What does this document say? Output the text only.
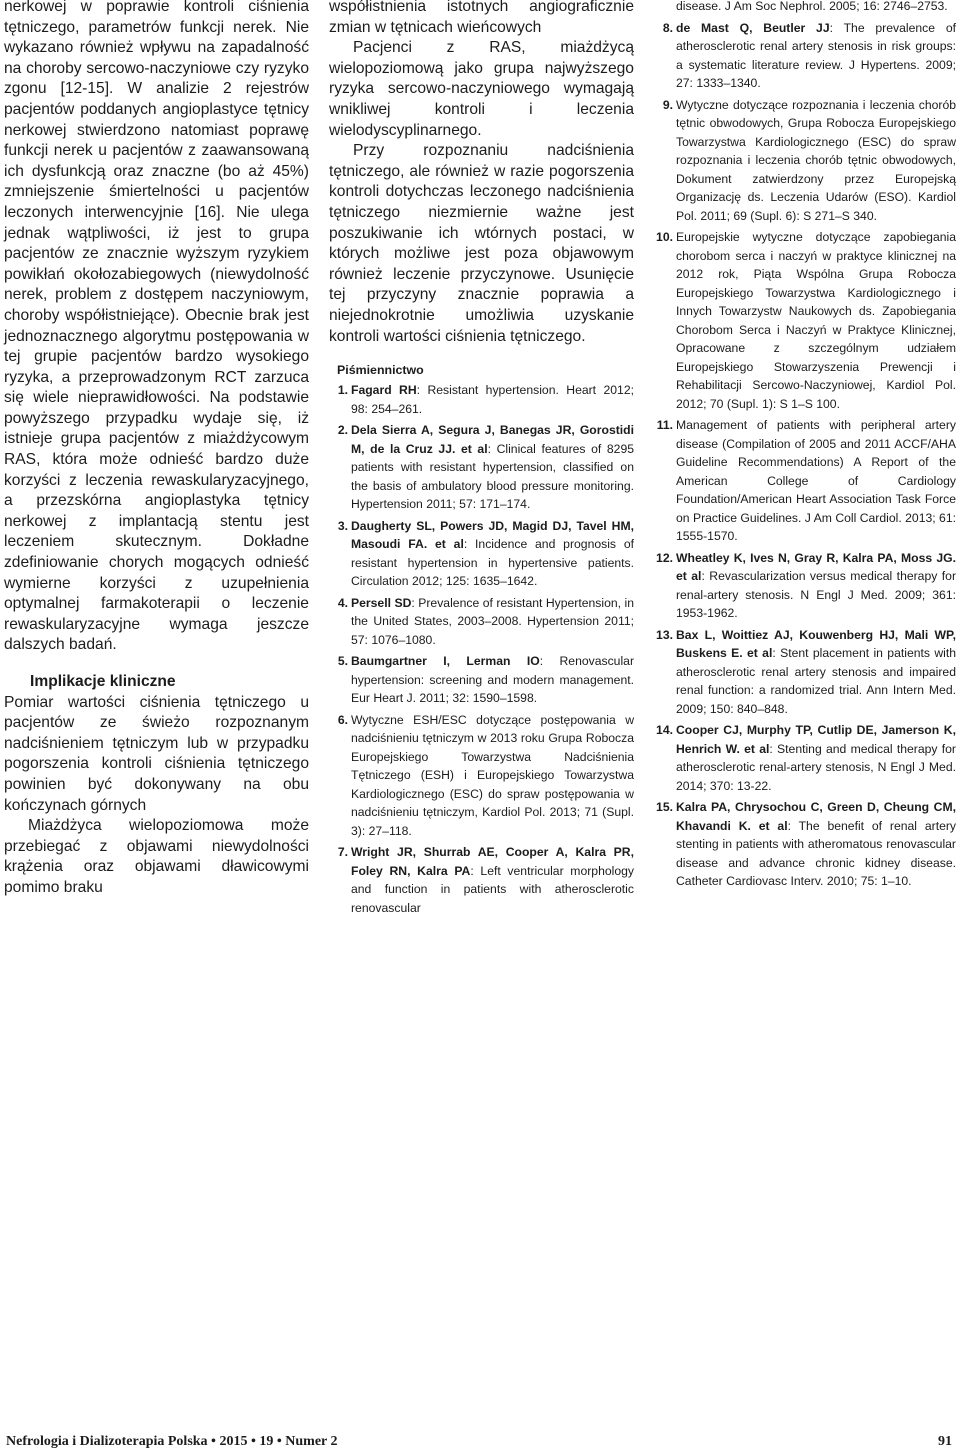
nerkowej w poprawie kontroli ciśnienia tętniczego, parametrów funkcji nerek. Nie wykazano również wpływu na zapadalność na choroby sercowo-naczyniowe czy ryzyko zgonu [12-15]. W analizie 2 rejestrów pacjentów poddanych angioplastyce tętnicy nerkowej stwierdzono natomiast poprawę funkcji nerek u pacjentów z zaawansowaną ich dysfunkcją oraz znaczne (bo aż 45%) zmniejszenie śmiertelności u pacjentów leczonych interwencyjnie [16]. Nie ulega jednak wątpliwości, iż jest to grupa pacjentów ze znacznie wyższym ryzykiem powikłań okołozabiegowych (niewydolność nerek, problem z dostępem naczyniowym, choroby współistniejące). Obecnie brak jest jednoznacznego algorytmu postępowania w tej grupie pacjentów bardzo wysokiego ryzyka, a przeprowadzonym RCT zarzuca się wiele nieprawidłowości. Na podstawie powyższego przypadku wydaje się, iż istnieje grupa pacjentów z miażdżycowym RAS, która może odnieść bardzo duże korzyści z leczenia rewaskularyzacyjnego, a przezskórna angioplastyka tętnicy nerkowej z implantacją stentu jest leczeniem skutecznym. Dokładne zdefiniowanie chorych mogących odnieść wymierne korzyści z uzupełnienia optymalnej farmakoterapii o leczenie rewaskularyzacyjne wymaga jeszcze dalszych badań.

Implikacje kliniczne

Pomiar wartości ciśnienia tętniczego u pacjentów ze świeżo rozpoznanym nadciśnieniem tętniczym lub w przypadku pogorszenia kontroli ciśnienia tętniczego powinien być dokonywany na obu kończynach górnych

Miażdżyca wielopoziomowa może przebiegać z objawami niewydolności krążenia oraz objawami dławicowymi pomimo braku

współistnienia istotnych angiograficznie zmian w tętnicach wieńcowych

Pacjenci z RAS, miażdżycą wielopoziomową jako grupa najwyższego ryzyka sercowo-naczyniowego wymagają wnikliwej kontroli i leczenia wielodyscyplinarnego.

Przy rozpoznaniu nadciśnienia tętniczego, ale również w razie pogorszenia kontroli dotychczas leczonego nadciśnienia tętniczego niezmiernie ważne jest poszukiwanie ich wtórnych postaci, w których możliwe jest poza objawowym również leczenie przyczynowe. Usunięcie tej przyczyny znacznie poprawia a niejednokrotnie umożliwia uzyskanie kontroli wartości ciśnienia tętniczego.

Piśmiennictwo
1. Fagard RH: Resistant hypertension. Heart 2012; 98: 254–261.
2. Dela Sierra A, Segura J, Banegas JR, Gorostidi M, de la Cruz JJ. et al: Clinical features of 8295 patients with resistant hypertension, classified on the basis of ambulatory blood pressure monitoring. Hypertension 2011; 57: 171–174.
3. Daugherty SL, Powers JD, Magid DJ, Tavel HM, Masoudi FA. et al: Incidence and prognosis of resistant hypertension in hypertensive patients. Circulation 2012; 125: 1635–1642.
4. Persell SD: Prevalence of resistant Hypertension, in the United States, 2003–2008. Hypertension 2011; 57: 1076–1080.
5. Baumgartner I, Lerman IO: Renovascular hypertension: screening and modern management. Eur Heart J. 2011; 32: 1590–1598.
6. Wytyczne ESH/ESC dotyczące postępowania w nadciśnieniu tętniczym w 2013 roku Grupa Robocza Europejskiego Towarzystwa Nadciśnienia Tętniczego (ESH) i Europejskiego Towarzystwa Kardiologicznego (ESC) do spraw postępowania w nadciśnieniu tętniczym, Kardiol Pol. 2013; 71 (Supl. 3): 27–118.
7. Wright JR, Shurrab AE, Cooper A, Kalra PR, Foley RN, Kalra PA: Left ventricular morphology and function in patients with atherosclerotic renovascular
disease. J Am Soc Nephrol. 2005; 16: 2746–2753.
8. de Mast Q, Beutler JJ: The prevalence of atherosclerotic renal artery stenosis in risk groups: a systematic literature review. J Hypertens. 2009; 27: 1333–1340.
9. Wytyczne dotyczące rozpoznania i leczenia chorób tętnic obwodowych, Grupa Robocza Europejskiego Towarzystwa Kardiologicznego (ESC) do spraw rozpoznania i leczenia chorób tętnic obwodowych, Dokument zatwierdzony przez Europejską Organizację ds. Leczenia Udarów (ESO). Kardiol Pol. 2011; 69 (Supl. 6): S 271–S 340.
10. Europejskie wytyczne dotyczące zapobiegania chorobom serca i naczyń w praktyce klinicznej na 2012 rok, Piąta Wspólna Grupa Robocza Europejskiego Towarzystwa Kardiologicznego i Innych Towarzystw Naukowych ds. Zapobiegania Chorobom Serca i Naczyń w Praktyce Klinicznej, Opracowane z szczególnym udziałem Europejskiego Stowarzyszenia Prewencji i Rehabilitacji Sercowo-Naczyniowej, Kardiol Pol. 2012; 70 (Supl. 1): S 1–S 100.
11. Management of patients with peripheral artery disease (Compilation of 2005 and 2011 ACCF/AHA Guideline Recommendations) A Report of the American College of Cardiology Foundation/American Heart Association Task Force on Practice Guidelines. J Am Coll Cardiol. 2013; 61: 1555-1570.
12. Wheatley K, Ives N, Gray R, Kalra PA, Moss JG. et al: Revascularization versus medical therapy for renal-artery stenosis. N Engl J Med. 2009; 361: 1953-1962.
13. Bax L, Woittiez AJ, Kouwenberg HJ, Mali WP, Buskens E. et al: Stent placement in patients with atherosclerotic renal artery stenosis and impaired renal function: a randomized trial. Ann Intern Med. 2009; 150: 840–848.
14. Cooper CJ, Murphy TP, Cutlip DE, Jamerson K, Henrich W. et al: Stenting and medical therapy for atherosclerotic renal-artery stenosis, N Engl J Med. 2014; 370: 13-22.
15. Kalra PA, Chrysochou C, Green D, Cheung CM, Khavandi K. et al: The benefit of renal artery stenting in patients with atheromatous renovascular disease and advance chronic kidney disease. Catheter Cardiovasc Interv. 2010; 75: 1–10.
Nefrologia i Dializoterapia Polska • 2015 • 19 • Numer 2	91
